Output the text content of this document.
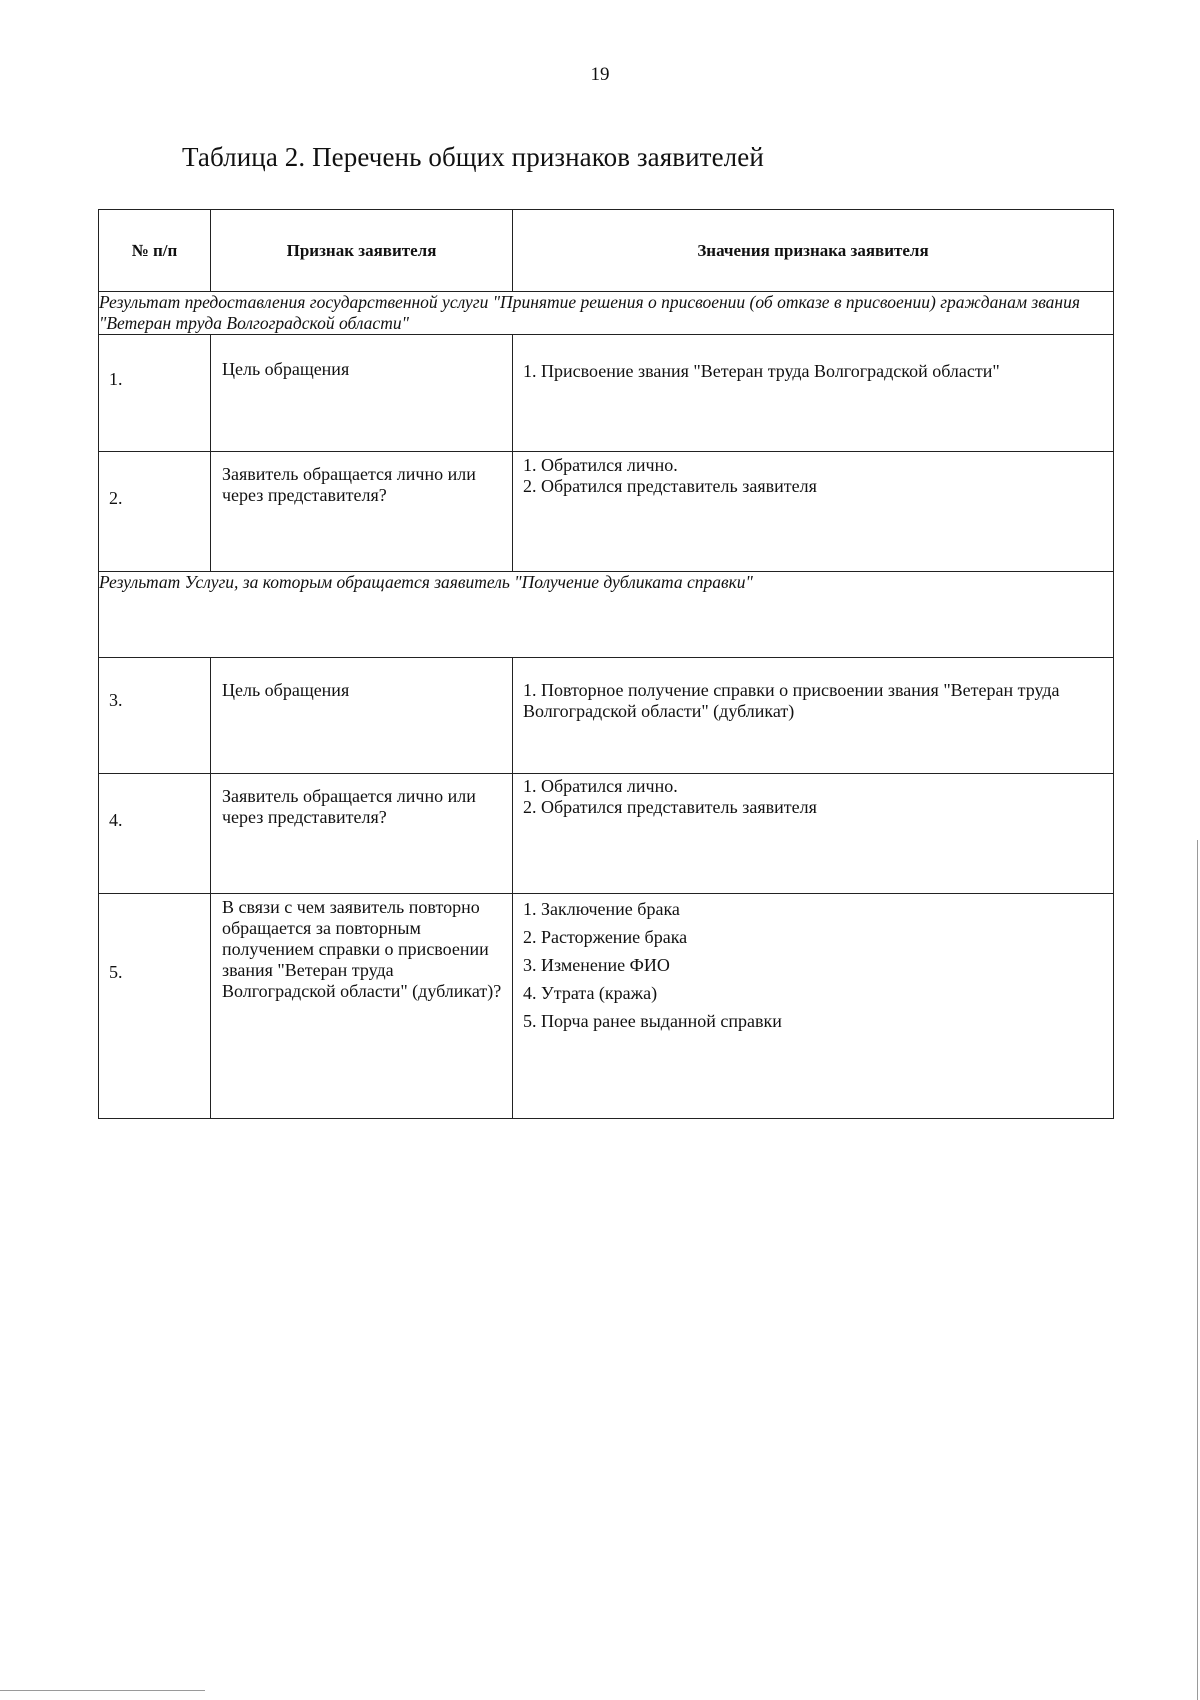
19
Таблица 2. Перечень общих признаков заявителей
№ п/п	Признак заявителя	Значения признака заявителя
Результат предоставления государственной услуги "Принятие решения о присвоении (об отказе в присвоении) гражданам звания "Ветеран труда Волгоградской области"		
1.	Цель обращения	1. Присвоение звания "Ветеран труда Волгоградской области"

2.	Заявитель обращается лично или через представителя?	1. Обратился лично.
2. Обратился представитель заявителя

Результат Услуги, за которым обращается заявитель "Получение дубликата справки"		
3.	Цель обращения	1. Повторное получение справки о присвоении звания "Ветеран труда Волгоградской области" (дубликат)

4.	Заявитель обращается лично или через представителя?	1. Обратился лично.
2. Обратился представитель заявителя

5.	В связи с чем заявитель повторно обращается за повторным получением справки о присвоении звания "Ветеран труда Волгоградской области" (дубликат)?	1. Заключение брака
2. Расторжение брака
3. Изменение ФИО
4. Утрата (кража)
5. Порча ранее выданной справки
